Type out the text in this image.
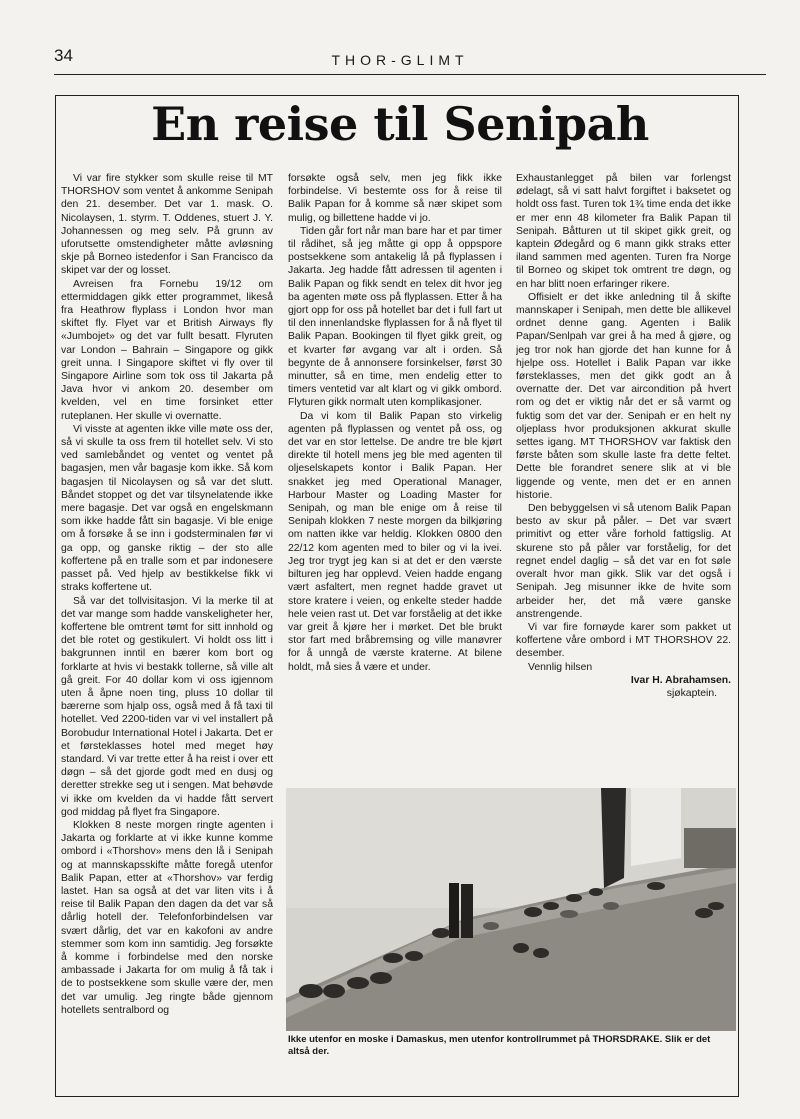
34	THOR-GLIMT
En reise til Senipah

Vi var fire stykker som skulle reise til MT THORSHOV som ventet å ankomme Senipah den 21. desember. Det var 1. mask. O. Nicolaysen, 1. styrm. T. Oddenes, stuert J. Y. Johannessen og meg selv. På grunn av uforutsette omstendigheter måtte avløsning skje på Borneo istedenfor i San Francisco da skipet var der og losset.

Avreisen fra Fornebu 19/12 om ettermiddagen gikk etter programmet, likeså fra Heathrow flyplass i London hvor man skiftet fly. Flyet var et British Airways fly «Jumbojet» og det var fullt besatt. Flyruten var London – Bahrain – Singapore og gikk greit unna. I Singapore skiftet vi fly over til Singapore Airline som tok oss til Jakarta på Java hvor vi ankom 20. desember om kvelden, vel en time forsinket etter ruteplanen. Her skulle vi overnatte.

Vi visste at agenten ikke ville møte oss der, så vi skulle ta oss frem til hotellet selv. Vi sto ved samlebåndet og ventet og ventet på bagasjen, men vår bagasje kom ikke. Så kom bagasjen til Nicolaysen og så var det slutt. Båndet stoppet og det var tilsynelatende ikke mere bagasje. Det var også en engelskmann som ikke hadde fått sin bagasje. Vi ble enige om å forsøke å se inn i godsterminalen før vi ga opp, og ganske riktig – der sto alle koffertene på en tralle som et par indonesere passet på. Ved hjelp av bestikkelse fikk vi straks koffertene ut.

Så var det tollvisitasjon. Vi la merke til at det var mange som hadde vanskeligheter her, koffertene ble omtrent tømt for sitt innhold og det ble rotet og gestikulert. Vi holdt oss litt i bakgrunnen inntil en bærer kom bort og forklarte at hvis vi bestakk tollerne, så ville alt gå greit. For 40 dollar kom vi oss igjennom uten å åpne noen ting, pluss 10 dollar til bærerne som hjalp oss, også med å få taxi til hotellet. Ved 2200-tiden var vi vel installert på Borobudur International Hotel i Jakarta. Det er et førsteklasses hotel med meget høy standard. Vi var trette etter å ha reist i over ett døgn – så det gjorde godt med en dusj og deretter strekke seg ut i sengen. Mat behøvde vi ikke om kvelden da vi hadde fått servert god middag på flyet fra Singapore.

Klokken 8 neste morgen ringte agenten i Jakarta og forklarte at vi ikke kunne komme ombord i «Thorshov» mens den lå i Senipah og at mannskapsskifte måtte foregå utenfor Balik Papan, etter at «Thorshov» var ferdig lastet. Han sa også at det var liten vits i å reise til Balik Papan den dagen da det var så dårlig hotell der. Telefonforbindelsen var svært dårlig, det var en kakofoni av andre stemmer som kom inn samtidig. Jeg forsøkte å komme i forbindelse med den norske ambassade i Jakarta for om mulig å få tak i de to postsekkene som skulle være der, men det var umulig. Jeg ringte både gjennom hotellets sentralbord og

forsøkte også selv, men jeg fikk ikke forbindelse. Vi bestemte oss for å reise til Balik Papan for å komme så nær skipet som mulig, og billettene hadde vi jo.

Tiden går fort når man bare har et par timer til rådihet, så jeg måtte gi opp å oppspore postsekkene som antakelig lå på flyplassen i Jakarta. Jeg hadde fått adressen til agenten i Balik Papan og fikk sendt en telex dit hvor jeg ba agenten møte oss på flyplassen. Etter å ha gjort opp for oss på hotellet bar det i full fart ut til den innenlandske flyplassen for å nå flyet til Balik Papan. Bookingen til flyet gikk greit, og et kvarter før avgang var alt i orden. Så begynte de å annonsere forsinkelser, først 30 minutter, så en time, men endelig etter to timers ventetid var alt klart og vi gikk ombord. Flyturen gikk normalt uten komplikasjoner.

Da vi kom til Balik Papan sto virkelig agenten på flyplassen og ventet på oss, og det var en stor lettelse. De andre tre ble kjørt direkte til hotell mens jeg ble med agenten til oljeselskapets kontor i Balik Papan. Her snakket jeg med Operational Manager, Harbour Master og Loading Master for Senipah, og man ble enige om å reise til Senipah klokken 7 neste morgen da bilkjøring om natten ikke var heldig. Klokken 0800 den 22/12 kom agenten med to biler og vi la ivei. Jeg tror trygt jeg kan si at det er den værste bilturen jeg har opplevd. Veien hadde engang vært asfaltert, men regnet hadde gravet ut store kratere i veien, og enkelte steder hadde hele veien rast ut. Det var forståelig at det ikke var greit å kjøre her i mørket. Det ble brukt stor fart med bråbremsing og ville manøvrer for å unngå de værste kraterne. At bilene holdt, må sies å være et under.

Exhaustanlegget på bilen var forlengst ødelagt, så vi satt halvt forgiftet i baksetet og holdt oss fast. Turen tok 1¾ time enda det ikke er mer enn 48 kilometer fra Balik Papan til Senipah. Båtturen ut til skipet gikk greit, og kaptein Ødegård og 6 mann gikk straks etter iland sammen med agenten. Turen fra Norge til Borneo og skipet tok omtrent tre døgn, og en har blitt noen erfaringer rikere.

Offisielt er det ikke anledning til å skifte mannskaper i Senipah, men dette ble allikevel ordnet denne gang. Agenten i Balik Papan/Senlpah var grei å ha med å gjøre, og jeg tror nok han gjorde det han kunne for å hjelpe oss. Hotellet i Balik Papan var ikke førsteklasses, men det gikk godt an å overnatte der. Det var aircondition på hvert rom og det er viktig når det er så varmt og fuktig som det var der. Senipah er en helt ny oljeplass hvor produksjonen akkurat skulle settes igang. MT THORSHOV var faktisk den første båten som skulle laste fra dette feltet. Dette ble forandret senere slik at vi ble liggende og vente, men det er en annen historie.

Den bebyggelsen vi så utenom Balik Papan besto av skur på påler. – Det var svært primitivt og etter våre forhold fattigslig. At skurene sto på påler var forståelig, for det regnet endel daglig – så det var en fot søle overalt hvor man gikk. Slik var det også i Senipah. Jeg misunner ikke de hvite som arbeider her, det må være ganske anstrengende.

Vi var fire fornøyde karer som pakket ut koffertene våre ombord i MT THORSHOV 22. desember.

Vennlig hilsen

Ivar H. Abrahamsen.

sjøkaptein.

Ikke utenfor en moske i Damaskus, men utenfor kontrollrummet på THORSDRAKE. Slik er det altså der.
